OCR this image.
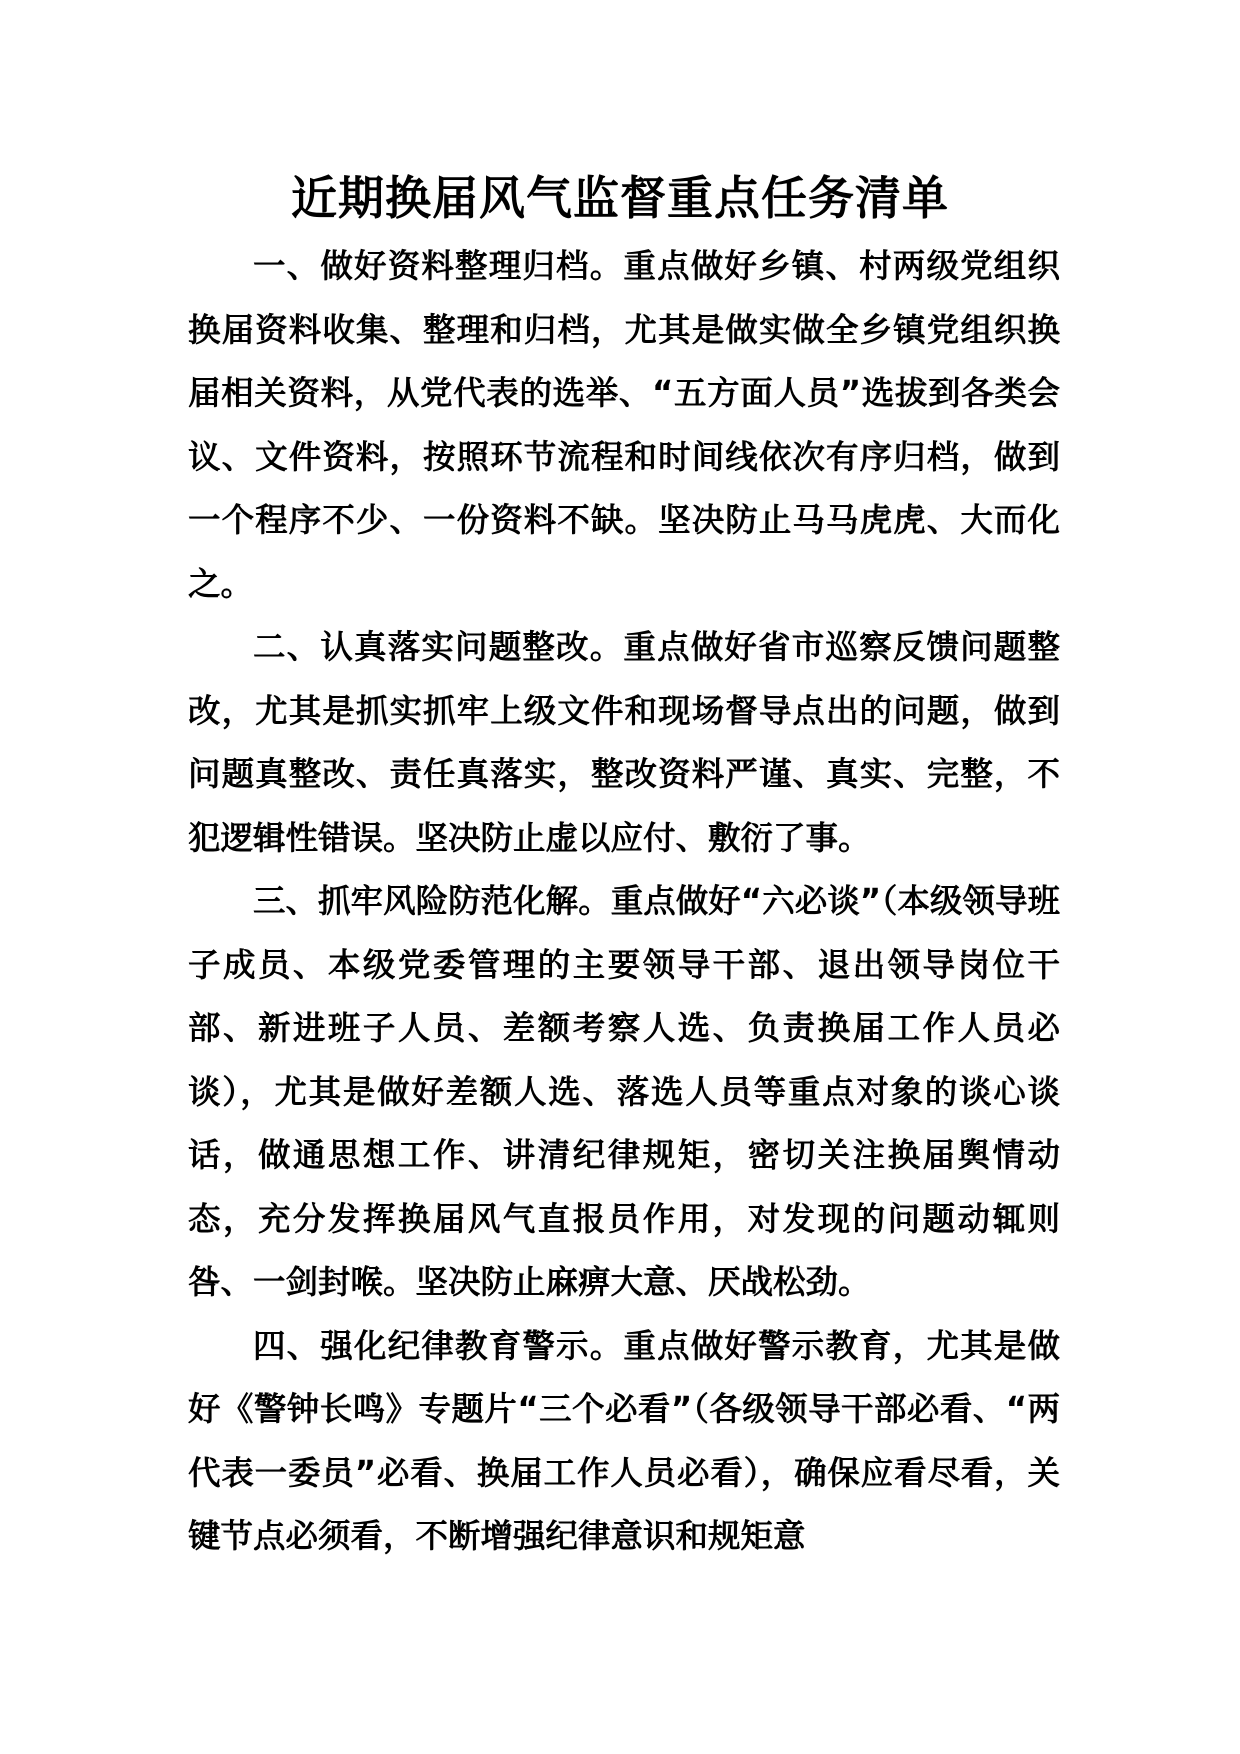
近期换届风气监督重点任务清单

一、做好资料整理归档。重点做好乡镇、村两级党组织换届资料收集、整理和归档，尤其是做实做全乡镇党组织换届相关资料，从党代表的选举、“五方面人员”选拔到各类会议、文件资料，按照环节流程和时间线依次有序归档，做到一个程序不少、一份资料不缺。坚决防止马马虎虎、大而化之。

二、认真落实问题整改。重点做好省市巡察反馈问题整改，尤其是抓实抓牢上级文件和现场督导点出的问题，做到问题真整改、责任真落实，整改资料严谨、真实、完整，不犯逻辑性错误。坚决防止虚以应付、敷衍了事。

三、抓牢风险防范化解。重点做好“六必谈”（本级领导班子成员、本级党委管理的主要领导干部、退出领导岗位干部、新进班子人员、差额考察人选、负责换届工作人员必谈），尤其是做好差额人选、落选人员等重点对象的谈心谈话，做通思想工作、讲清纪律规矩，密切关注换届舆情动态，充分发挥换届风气直报员作用，对发现的问题动辄则咎、一剑封喉。坚决防止麻痹大意、厌战松劲。

四、强化纪律教育警示。重点做好警示教育，尤其是做好《警钟长鸣》专题片“三个必看”（各级领导干部必看、“两代表一委员”必看、换届工作人员必看），确保应看尽看，关键节点必须看，不断增强纪律意识和规矩意
